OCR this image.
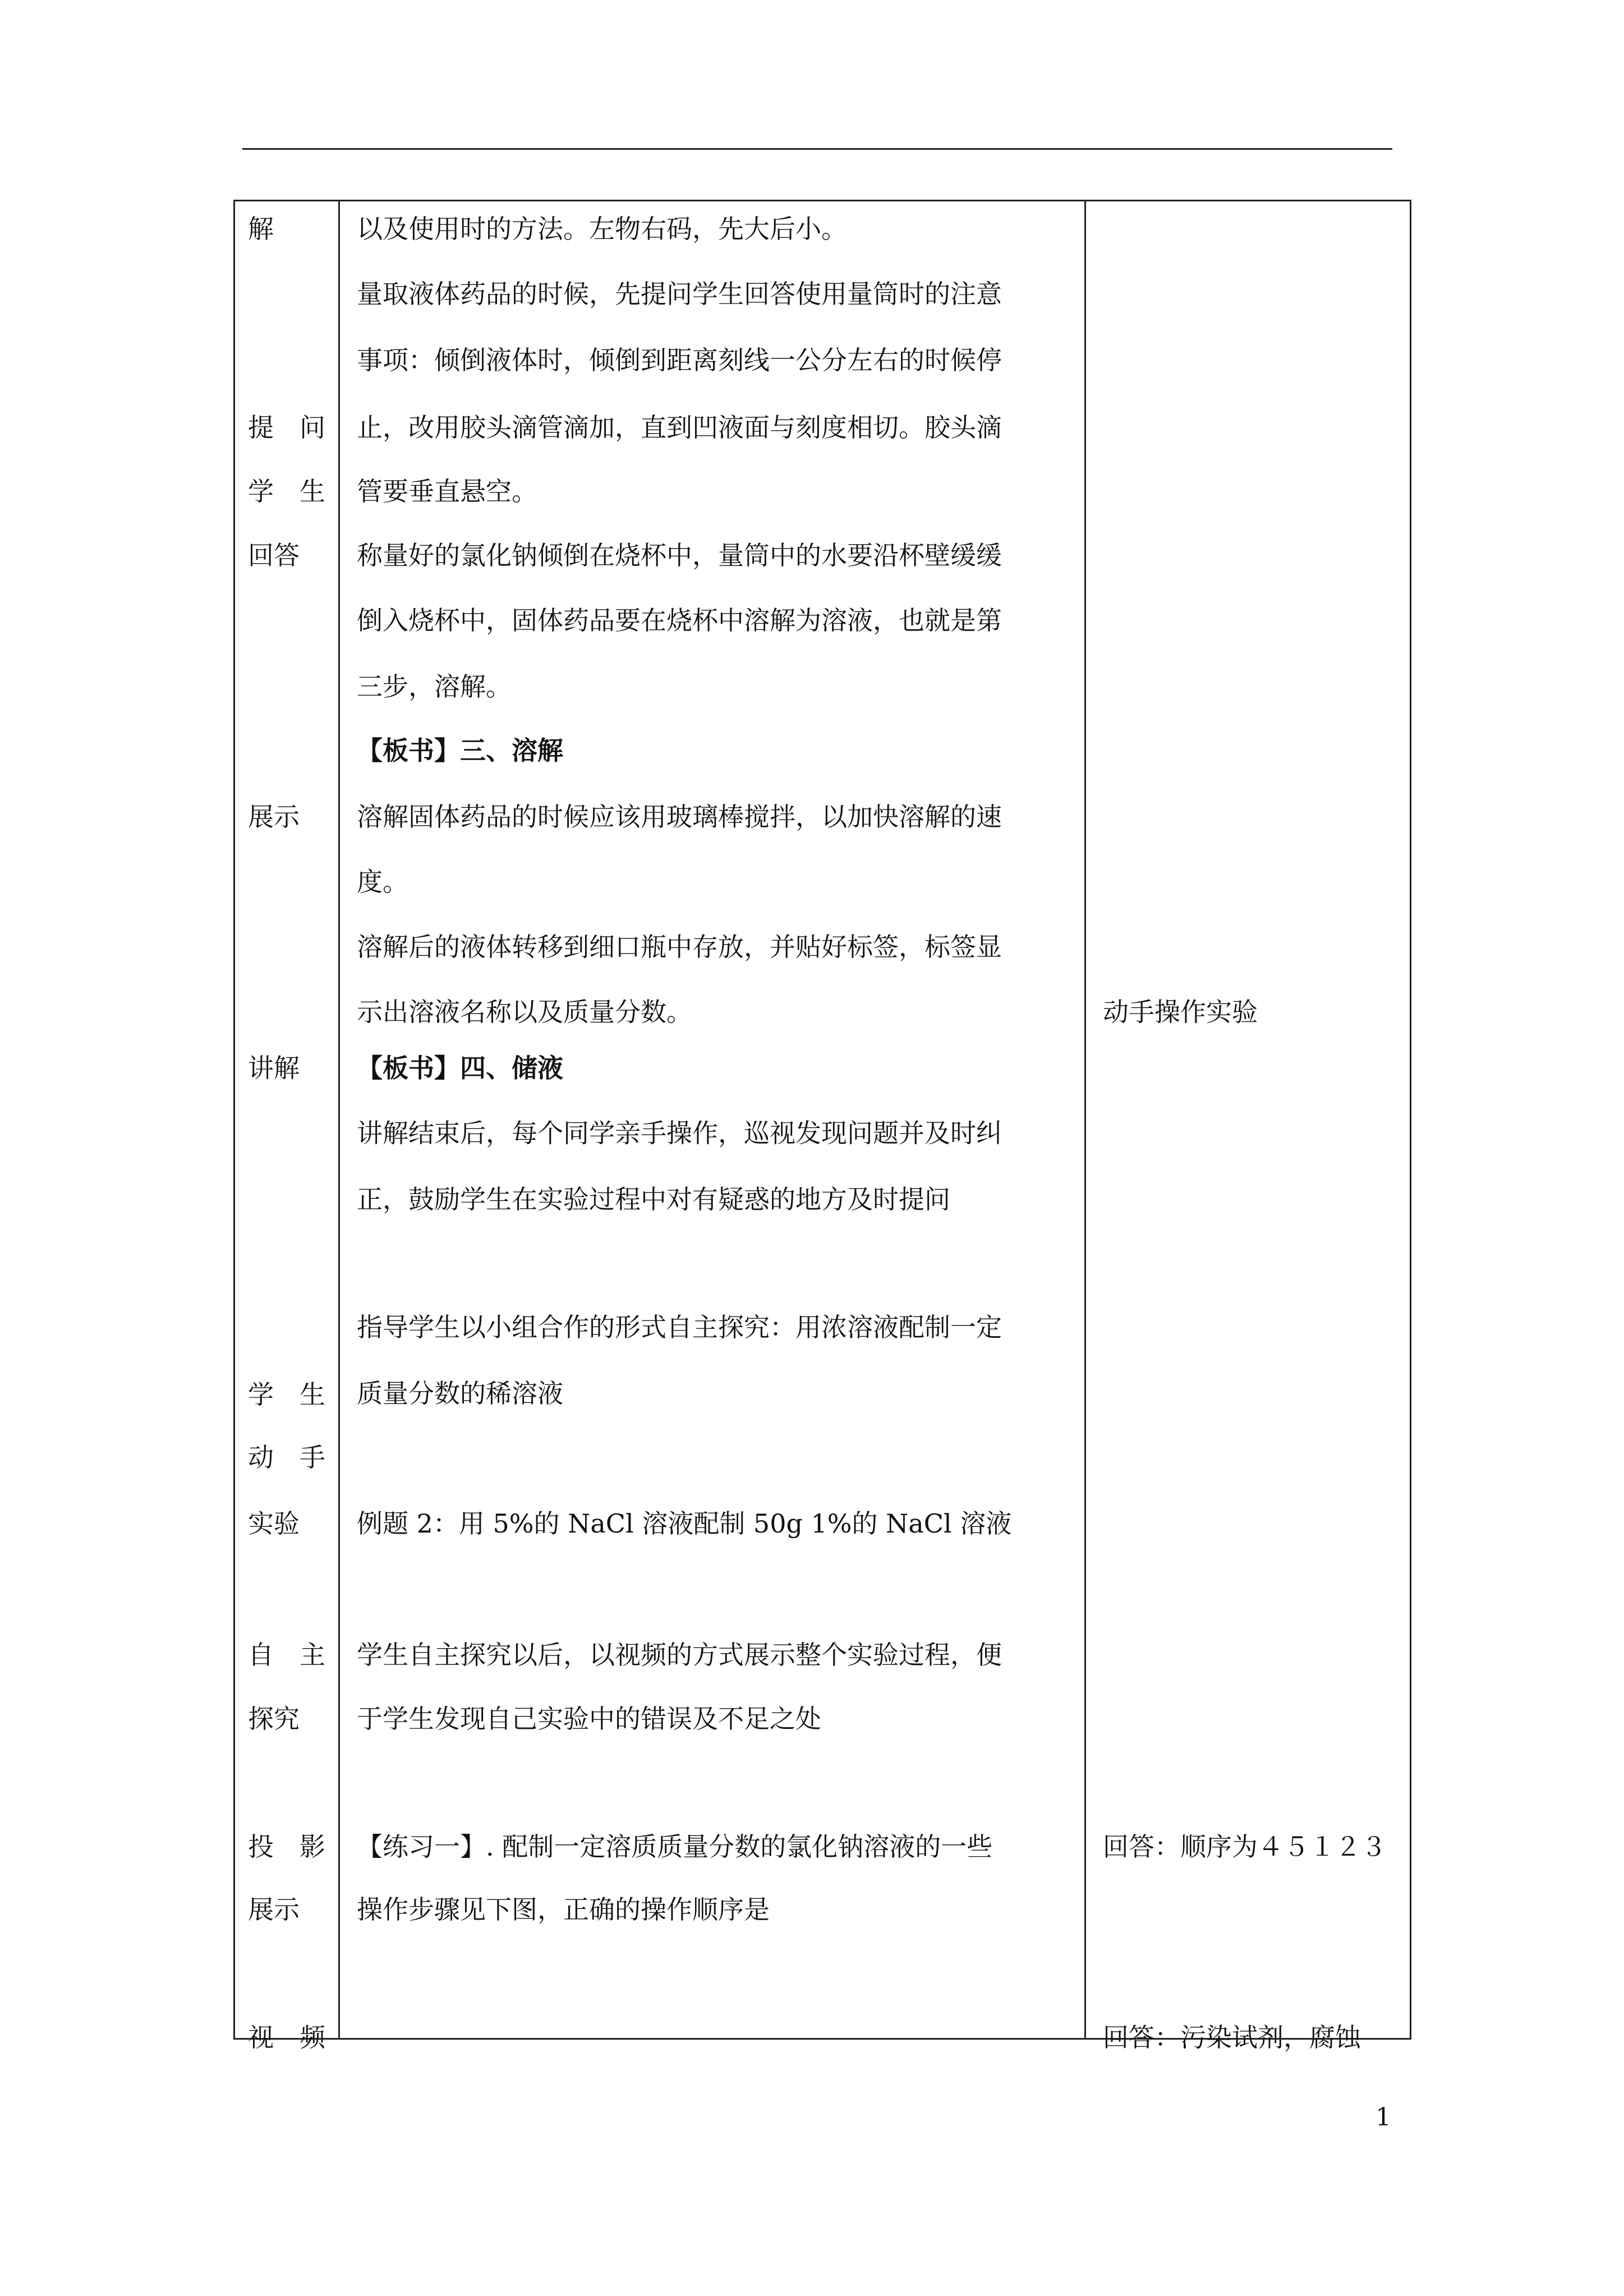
解
提　问
学　生
回答
展示
讲解
学　生
动　手
实验
自　主
探究
投　影
展示
视　频
以及使用时的方法。左物右码，先大后小。
量取液体药品的时候，先提问学生回答使用量筒时的注意
事项：倾倒液体时，倾倒到距离刻线一公分左右的时候停
止，改用胶头滴管滴加，直到凹液面与刻度相切。胶头滴
管要垂直悬空。
称量好的氯化钠倾倒在烧杯中，量筒中的水要沿杯壁缓缓
倒入烧杯中，固体药品要在烧杯中溶解为溶液，也就是第
三步，溶解。
【板书】三、溶解
溶解固体药品的时候应该用玻璃棒搅拌，以加快溶解的速
度。
溶解后的液体转移到细口瓶中存放，并贴好标签，标签显
示出溶液名称以及质量分数。
【板书】四、储液
讲解结束后，每个同学亲手操作，巡视发现问题并及时纠
正，鼓励学生在实验过程中对有疑惑的地方及时提问
指导学生以小组合作的形式自主探究：用浓溶液配制一定
质量分数的稀溶液
例题 2：用 5%的 NaCl 溶液配制 50g 1%的 NaCl 溶液
学生自主探究以后，以视频的方式展示整个实验过程，便
于学生发现自己实验中的错误及不足之处
【练习一】. 配制一定溶质质量分数的氯化钠溶液的一些
操作步骤见下图，正确的操作顺序是
动手操作实验
回答：顺序为４５１２３
回答：污染试剂，腐蚀
1
